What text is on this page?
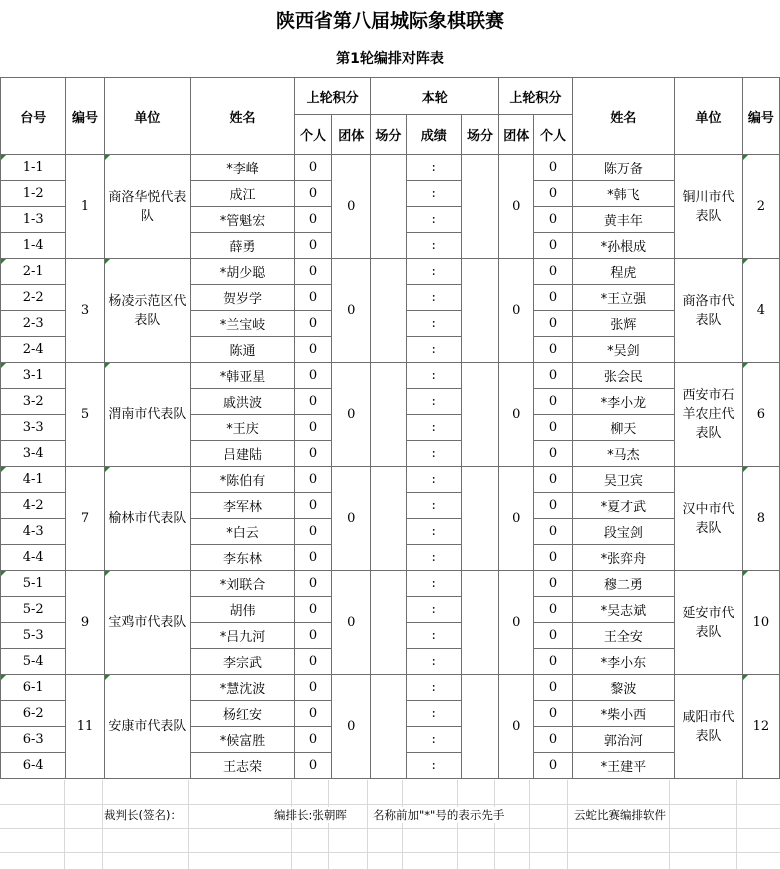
陕西省第八届城际象棋联赛
第1轮编排对阵表
台号	编号	单位	姓名	上轮积分		本轮			上轮积分		姓名	单位	编号
				个人	团体	场分	成绩	场分	团体	个人			
1-1	1	商洛华悦代表队	*李峰	0	0		:		0	0	陈万备	铜川市代表队	2
1-2			成江	0			:			0	*韩飞		
1-3			*管魁宏	0			:			0	黄丰年		
1-4			薛勇	0			:			0	*孙根成		
2-1	3	杨凌示范区代表队	*胡少聪	0	0		:		0	0	程虎	商洛市代表队	4
2-2			贺岁学	0			:			0	*王立强		
2-3			*兰宝岐	0			:			0	张辉		
2-4			陈通	0			:			0	*吴剑		
3-1	5	渭南市代表队	*韩亚星	0	0		:		0	0	张会民	西安市石羊农庄代表队	6
3-2			戚洪波	0			:			0	*李小龙		
3-3			*王庆	0			:			0	柳天		
3-4			吕建陆	0			:			0	*马杰		
4-1	7	榆林市代表队	*陈伯有	0	0		:		0	0	吴卫宾	汉中市代表队	8
4-2			李军林	0			:			0	*夏才武		
4-3			*白云	0			:			0	段宝剑		
4-4			李东林	0			:			0	*张弈舟		
5-1	9	宝鸡市代表队	*刘联合	0	0		:		0	0	穆二勇	延安市代表队	10
5-2			胡伟	0			:			0	*吴志斌		
5-3			*吕九河	0			:			0	王全安		
5-4			李宗武	0			:			0	*李小东		
6-1	11	安康市代表队	*慧沈波	0	0		:		0	0	黎波	咸阳市代表队	12
6-2			杨红安	0			:			0	*柴小西		
6-3			*候富胜	0			:			0	郭治河		
6-4			王志荣	0			:			0	*王建平		
裁判长(签名)：	编排长:张朝晖 名称前加"*"号的表示先手	云蛇比赛编排软件
